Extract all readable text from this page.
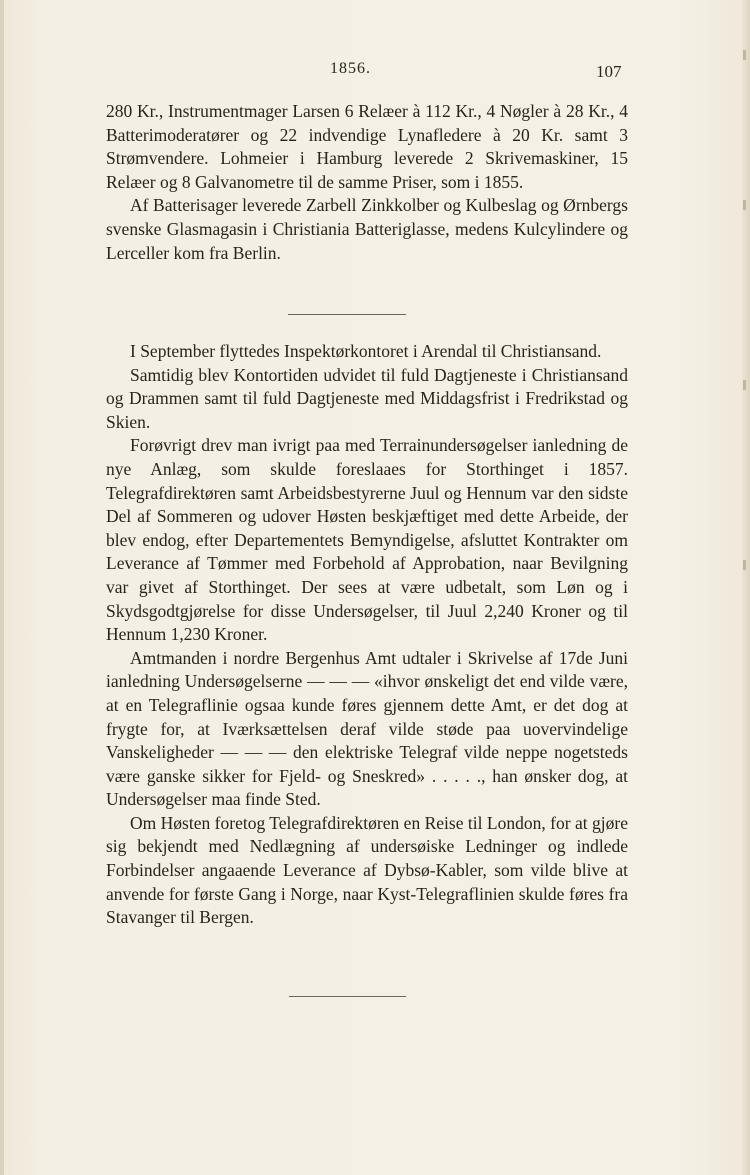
1856.	107

280 Kr., Instrumentmager Larsen 6 Relæer à 112 Kr., 4 Nøgler à 28 Kr., 4 Batterimoderatører og 22 indvendige Lynafledere à 20 Kr. samt 3 Strømvendere. Lohmeier i Hamburg leverede 2 Skrivemaskiner, 15 Relæer og 8 Galvanometre til de samme Priser, som i 1855.

Af Batterisager leverede Zarbell Zinkkolber og Kulbeslag og Ørnbergs svenske Glasmagasin i Christiania Batteriglasse, medens Kulcylindere og Lerceller kom fra Berlin.

I September flyttedes Inspektørkontoret i Arendal til Christiansand.

Samtidig blev Kontortiden udvidet til fuld Dagtjeneste i Christiansand og Drammen samt til fuld Dagtjeneste med Middagsfrist i Fredrikstad og Skien.

Forøvrigt drev man ivrigt paa med Terrainundersøgelser ianledning de nye Anlæg, som skulde foreslaaes for Storthinget i 1857. Telegrafdirektøren samt Arbeidsbestyrerne Juul og Hennum var den sidste Del af Sommeren og udover Høsten beskjæftiget med dette Arbeide, der blev endog, efter Departementets Bemyndigelse, afsluttet Kontrakter om Leverance af Tømmer med Forbehold af Approbation, naar Bevilgning var givet af Storthinget. Der sees at være udbetalt, som Løn og i Skydsgodtgjørelse for disse Undersøgelser, til Juul 2,240 Kroner og til Hennum 1,230 Kroner.

Amtmanden i nordre Bergenhus Amt udtaler i Skrivelse af 17de Juni ianledning Undersøgelserne — — — «ihvor ønskeligt det end vilde være, at en Telegraflinie ogsaa kunde føres gjennem dette Amt, er det dog at frygte for, at Iværksættelsen deraf vilde støde paa uovervindelige Vanskeligheder — — — den elektriske Telegraf vilde neppe nogetsteds være ganske sikker for Fjeld- og Sneskred» . . . . ., han ønsker dog, at Undersøgelser maa finde Sted.

Om Høsten foretog Telegrafdirektøren en Reise til London, for at gjøre sig bekjendt med Nedlægning af undersøiske Ledninger og indlede Forbindelser angaaende Leverance af Dybsø-Kabler, som vilde blive at anvende for første Gang i Norge, naar Kyst-Telegraflinien skulde føres fra Stavanger til Bergen.
